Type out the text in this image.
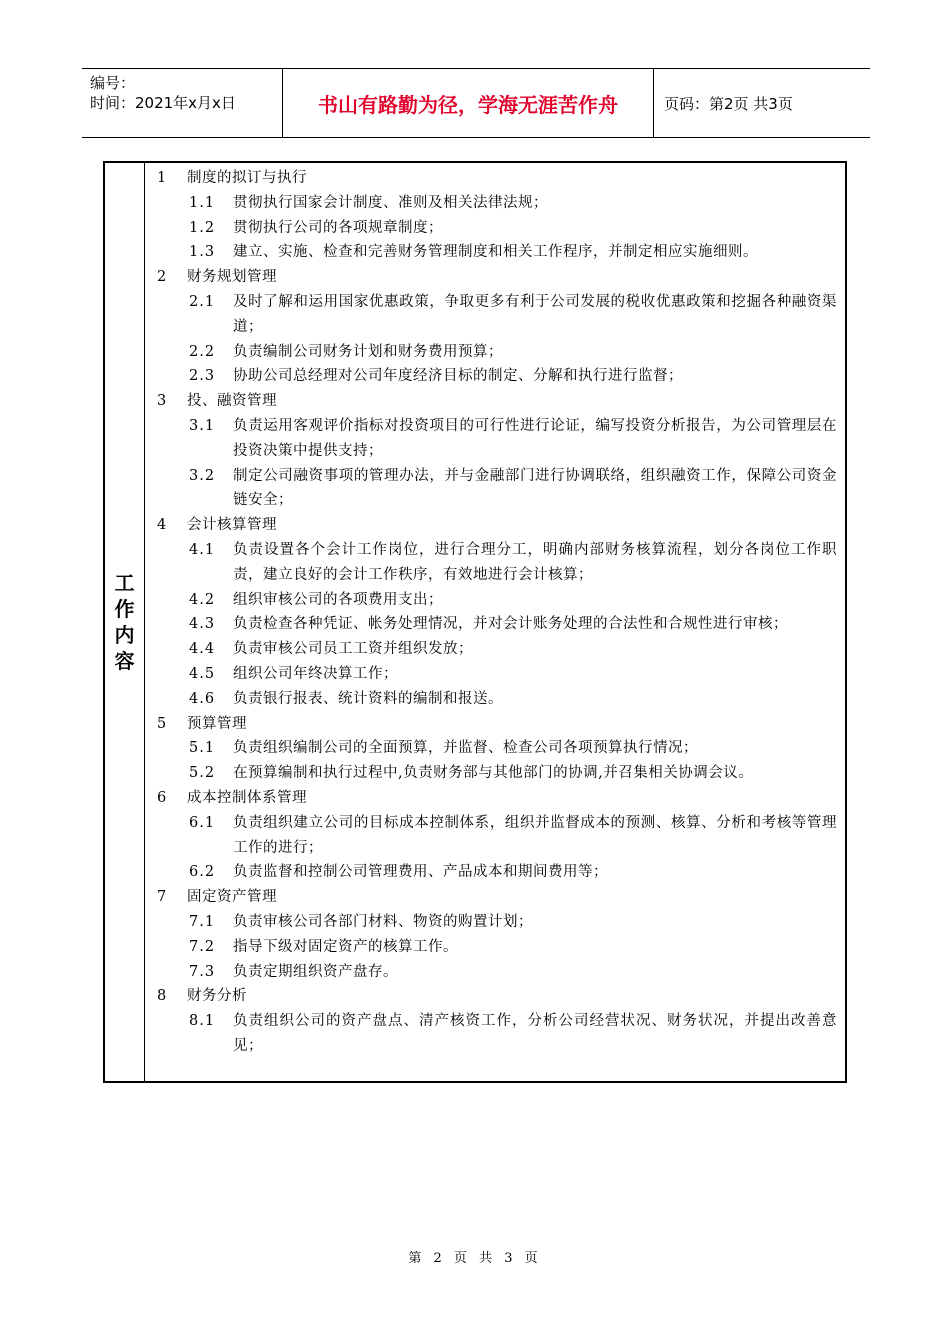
编号：
时间：2021年x月x日	书山有路勤为径，学海无涯苦作舟	页码：第2页 共3页
工
作
内
容
1	制度的拟订与执行
1.1	贯彻执行国家会计制度、准则及相关法律法规；
1.2	贯彻执行公司的各项规章制度；
1.3	建立、实施、检查和完善财务管理制度和相关工作程序，并制定相应实施细则。
2	财务规划管理
2.1	及时了解和运用国家优惠政策，争取更多有利于公司发展的税收优惠政策和挖掘各种融资渠道；
2.2	负责编制公司财务计划和财务费用预算；
2.3	协助公司总经理对公司年度经济目标的制定、分解和执行进行监督；
3	投、融资管理
3.1	负责运用客观评价指标对投资项目的可行性进行论证，编写投资分析报告，为公司管理层在投资决策中提供支持；
3.2	制定公司融资事项的管理办法，并与金融部门进行协调联络，组织融资工作，保障公司资金链安全；
4	会计核算管理
4.1	负责设置各个会计工作岗位，进行合理分工，明确内部财务核算流程，划分各岗位工作职责，建立良好的会计工作秩序，有效地进行会计核算；
4.2	组织审核公司的各项费用支出；
4.3	负责检查各种凭证、帐务处理情况，并对会计账务处理的合法性和合规性进行审核；
4.4	负责审核公司员工工资并组织发放；
4.5	组织公司年终决算工作；
4.6	负责银行报表、统计资料的编制和报送。
5	预算管理
5.1	负责组织编制公司的全面预算，并监督、检查公司各项预算执行情况；
5.2	在预算编制和执行过程中,负责财务部与其他部门的协调,并召集相关协调会议。
6	成本控制体系管理
6.1	负责组织建立公司的目标成本控制体系，组织并监督成本的预测、核算、分析和考核等管理工作的进行；
6.2	负责监督和控制公司管理费用、产品成本和期间费用等；
7	固定资产管理
7.1	负责审核公司各部门材料、物资的购置计划；
7.2	指导下级对固定资产的核算工作。
7.3	负责定期组织资产盘存。
8	财务分析
8.1	负责组织公司的资产盘点、清产核资工作，分析公司经营状况、财务状况，并提出改善意见；
第 2 页 共 3 页
